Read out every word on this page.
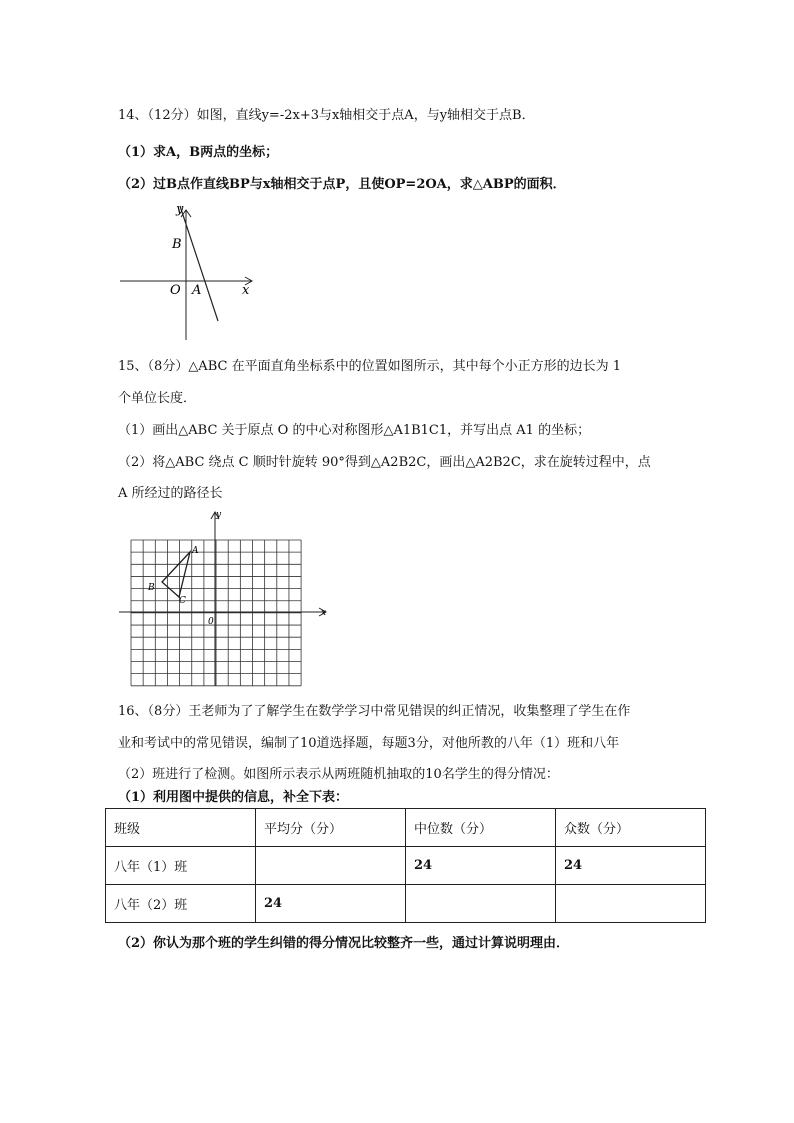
14、（12分）如图，直线y=-2x+3与x轴相交于点A，与y轴相交于点B．
（1）求A，B两点的坐标；
（2）过B点作直线BP与x轴相交于点P，且使OP=2OA，求△ABP的面积．
y
B
O A	x
15、（8分）△ABC 在平面直角坐标系中的位置如图所示，其中每个小正方形的边长为 1
个单位长度．
（1）画出△ABC 关于原点 O 的中心对称图形△A1B1C1，并写出点 A1 的坐标；
（2）将△ABC 绕点 C 顺时针旋转 90°得到△A2B2C，画出△A2B2C，求在旋转过程中，点
A 所经过的路径长
y
x
A
B
C
0
16、（8分）王老师为了了解学生在数学学习中常见错误的纠正情况，收集整理了学生在作
业和考试中的常见错误，编制了10道选择题，每题3分，对他所教的八年（1）班和八年
（2）班进行了检测。如图所示表示从两班随机抽取的10名学生的得分情况：
（1）利用图中提供的信息，补全下表：
班级	平均分（分）	中位数（分）	众数（分）
八年（1）班		24	24
八年（2）班	24		
（2）你认为那个班的学生纠错的得分情况比较整齐一些，通过计算说明理由．
